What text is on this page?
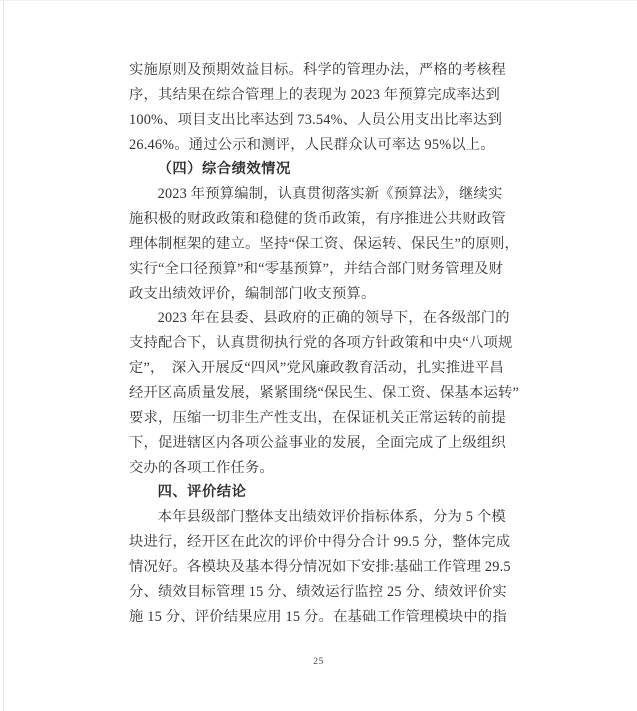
实施原则及预期效益目标。科学的管理办法，严格的考核程
序，其结果在综合管理上的表现为 2023 年预算完成率达到
100%、项目支出比率达到 73.54%、人员公用支出比率达到
26.46%。通过公示和测评，人民群众认可率达 95%以上。
（四）综合绩效情况
2023 年预算编制，认真贯彻落实新《预算法》，继续实
施积极的财政政策和稳健的货币政策，有序推进公共财政管
理体制框架的建立。坚持“保工资、保运转、保民生”的原则，
实行“全口径预算”和“零基预算”，并结合部门财务管理及财
政支出绩效评价，编制部门收支预算。
2023 年在县委、县政府的正确的领导下，在各级部门的
支持配合下，认真贯彻执行党的各项方针政策和中央“八项规
定”，　深入开展反“四风”党风廉政教育活动，扎实推进平昌
经开区高质量发展，紧紧围绕“保民生、保工资、保基本运转”
要求，压缩一切非生产性支出，在保证机关正常运转的前提
下，促进辖区内各项公益事业的发展，全面完成了上级组织
交办的各项工作任务。
四、评价结论
本年县级部门整体支出绩效评价指标体系，分为 5 个模
块进行，经开区在此次的评价中得分合计 99.5 分，整体完成
情况好。各模块及基本得分情况如下安排:基础工作管理 29.5
分、绩效目标管理 15 分、绩效运行监控 25 分、绩效评价实
施 15 分、评价结果应用 15 分。在基础工作管理模块中的指
25
